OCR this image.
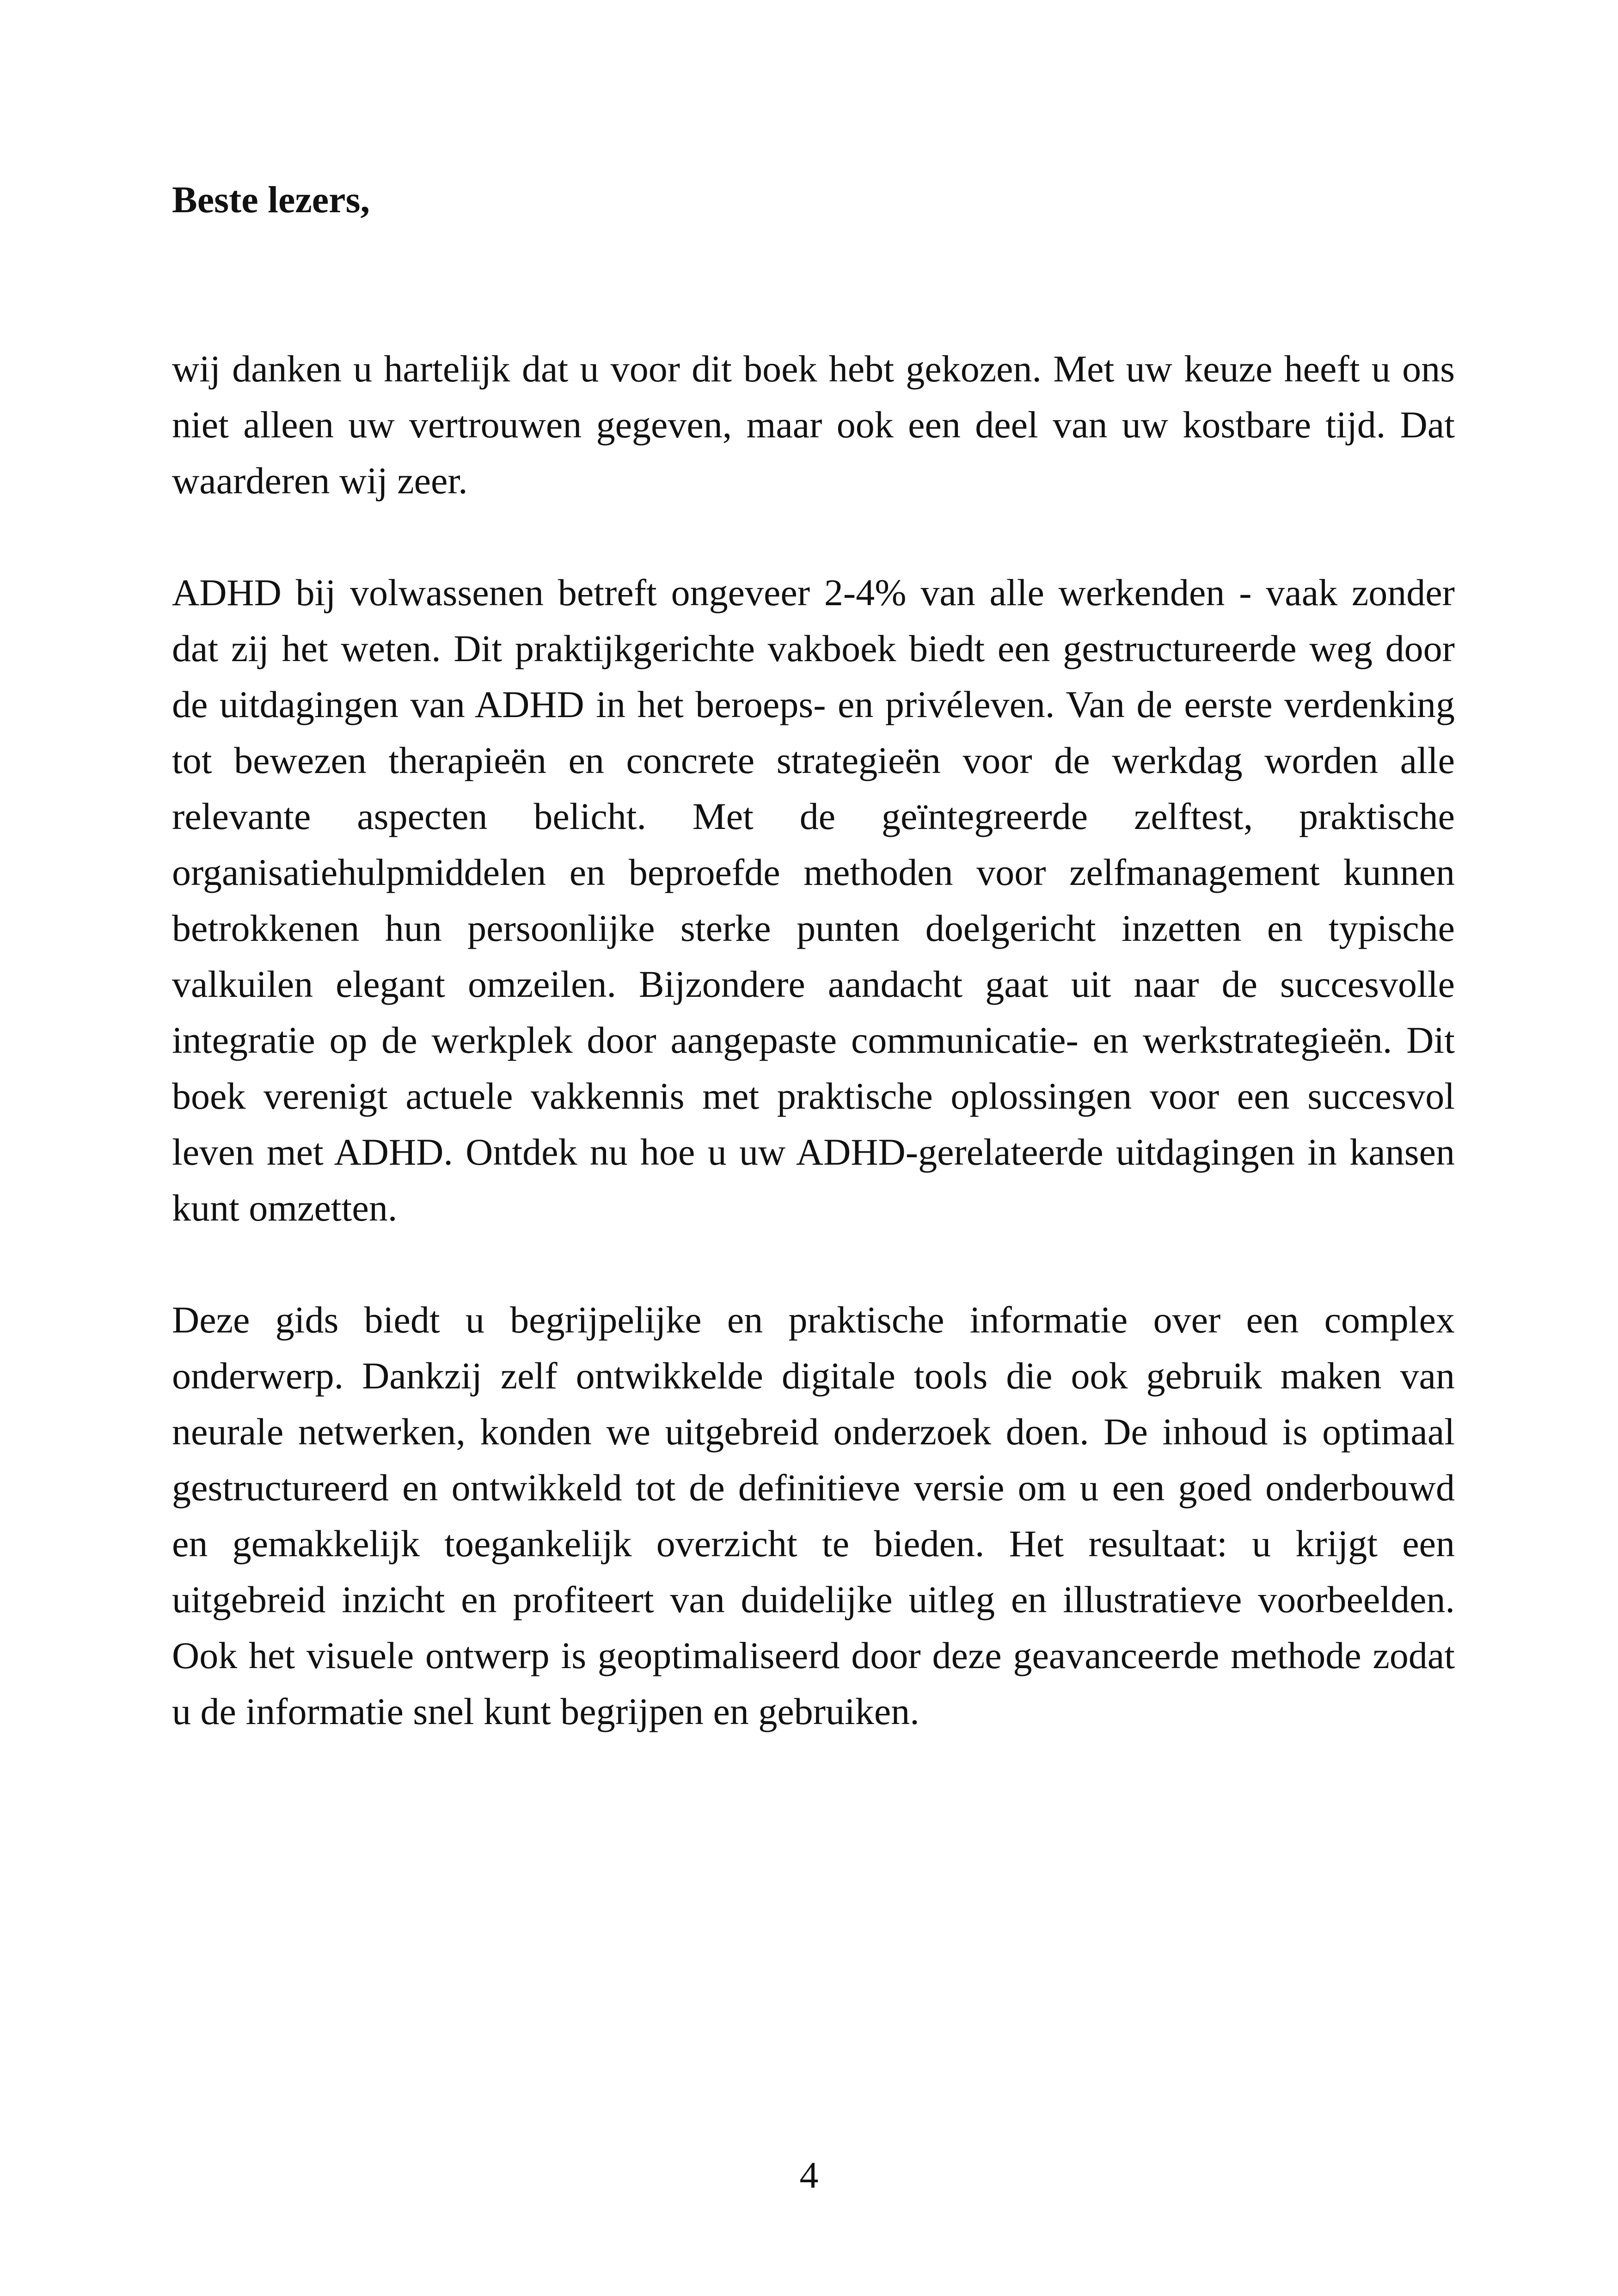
Beste lezers,

wij danken u hartelijk dat u voor dit boek hebt gekozen. Met uw keuze heeft u ons niet alleen uw vertrouwen gegeven, maar ook een deel van uw kostbare tijd. Dat waarderen wij zeer.

ADHD bij volwassenen betreft ongeveer 2-4% van alle werkenden - vaak zonder dat zij het weten. Dit praktijkgerichte vakboek biedt een gestructureerde weg door de uitdagingen van ADHD in het beroeps- en privéleven. Van de eerste verdenking tot bewezen therapieën en concrete strategieën voor de werkdag worden alle relevante aspecten belicht. Met de geïntegreerde zelftest, praktische organisatiehulpmiddelen en beproefde methoden voor zelfmanagement kunnen betrokkenen hun persoonlijke sterke punten doelgericht inzetten en typische valkuilen elegant omzeilen. Bijzondere aandacht gaat uit naar de succesvolle integratie op de werkplek door aangepaste communicatie- en werkstrategieën. Dit boek verenigt actuele vakkennis met praktische oplossingen voor een succesvol leven met ADHD. Ontdek nu hoe u uw ADHD-gerelateerde uitdagingen in kansen kunt omzetten.

Deze gids biedt u begrijpelijke en praktische informatie over een complex onderwerp. Dankzij zelf ontwikkelde digitale tools die ook gebruik maken van neurale netwerken, konden we uitgebreid onderzoek doen. De inhoud is optimaal gestructureerd en ontwikkeld tot de definitieve versie om u een goed onderbouwd en gemakkelijk toegankelijk overzicht te bieden. Het resultaat: u krijgt een uitgebreid inzicht en profiteert van duidelijke uitleg en illustratieve voorbeelden. Ook het visuele ontwerp is geoptimaliseerd door deze geavanceerde methode zodat u de informatie snel kunt begrijpen en gebruiken.

4
